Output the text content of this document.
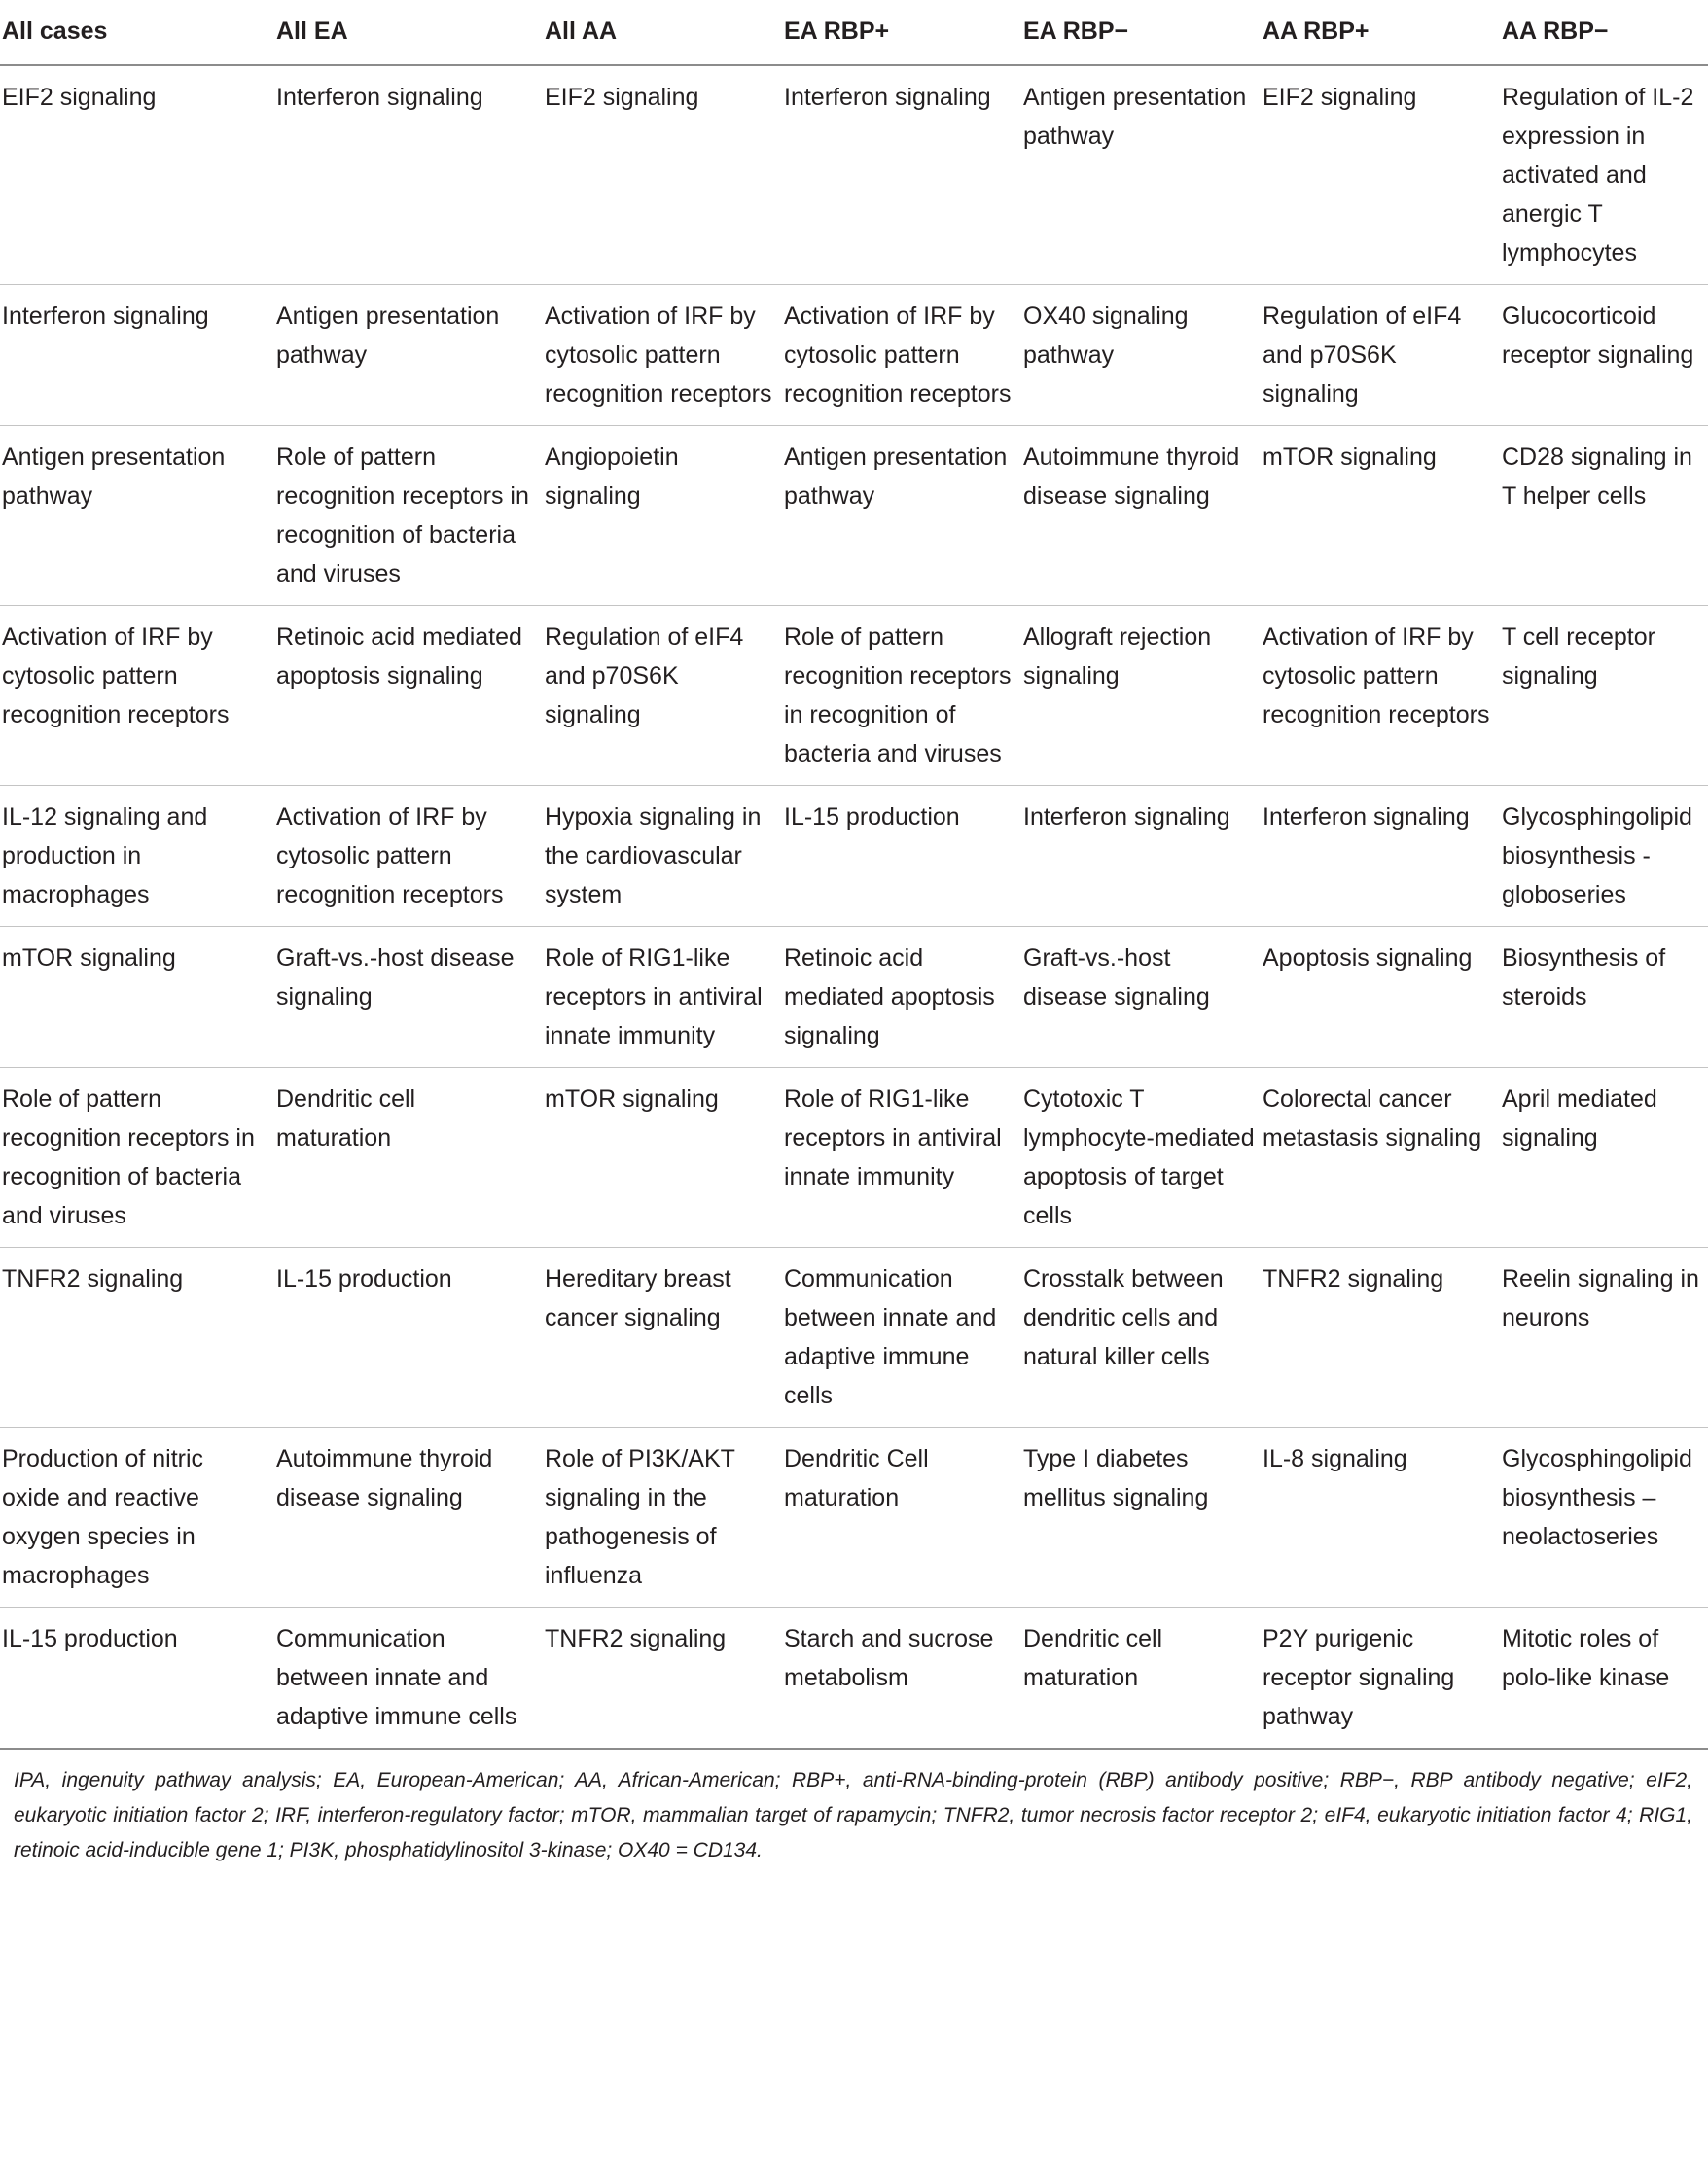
All cases	All EA	All AA	EA RBP+	EA RBP−	AA RBP+	AA RBP−
EIF2 signaling	Interferon signaling	EIF2 signaling	Interferon signaling	Antigen presentation pathway	EIF2 signaling	Regulation of IL-2 expression in activated and anergic T lymphocytes
Interferon signaling	Antigen presentation pathway	Activation of IRF by cytosolic pattern recognition receptors	Activation of IRF by cytosolic pattern recognition receptors	OX40 signaling pathway	Regulation of eIF4 and p70S6K signaling	Glucocorticoid receptor signaling
Antigen presentation pathway	Role of pattern recognition receptors in recognition of bacteria and viruses	Angiopoietin signaling	Antigen presentation pathway	Autoimmune thyroid disease signaling	mTOR signaling	CD28 signaling in T helper cells
Activation of IRF by cytosolic pattern recognition receptors	Retinoic acid mediated apoptosis signaling	Regulation of eIF4 and p70S6K signaling	Role of pattern recognition receptors in recognition of bacteria and viruses	Allograft rejection signaling	Activation of IRF by cytosolic pattern recognition receptors	T cell receptor signaling
IL-12 signaling and production in macrophages	Activation of IRF by cytosolic pattern recognition receptors	Hypoxia signaling in the cardiovascular system	IL-15 production	Interferon signaling	Interferon signaling	Glycosphingolipid biosynthesis - globoseries
mTOR signaling	Graft-vs.-host disease signaling	Role of RIG1-like receptors in antiviral innate immunity	Retinoic acid mediated apoptosis signaling	Graft-vs.-host disease signaling	Apoptosis signaling	Biosynthesis of steroids
Role of pattern recognition receptors in recognition of bacteria and viruses	Dendritic cell maturation	mTOR signaling	Role of RIG1-like receptors in antiviral innate immunity	Cytotoxic T lymphocyte-mediated apoptosis of target cells	Colorectal cancer metastasis signaling	April mediated signaling
TNFR2 signaling	IL-15 production	Hereditary breast cancer signaling	Communication between innate and adaptive immune cells	Crosstalk between dendritic cells and natural killer cells	TNFR2 signaling	Reelin signaling in neurons
Production of nitric oxide and reactive oxygen species in macrophages	Autoimmune thyroid disease signaling	Role of PI3K/AKT signaling in the pathogenesis of influenza	Dendritic Cell maturation	Type I diabetes mellitus signaling	IL-8 signaling	Glycosphingolipid biosynthesis – neolactoseries
IL-15 production	Communication between innate and adaptive immune cells	TNFR2 signaling	Starch and sucrose metabolism	Dendritic cell maturation	P2Y purigenic receptor signaling pathway	Mitotic roles of polo-like kinase
IPA, ingenuity pathway analysis; EA, European-American; AA, African-American; RBP+, anti-RNA-binding-protein (RBP) antibody positive; RBP−, RBP antibody negative; eIF2, eukaryotic initiation factor 2; IRF, interferon-regulatory factor; mTOR, mammalian target of rapamycin; TNFR2, tumor necrosis factor receptor 2; eIF4, eukaryotic initiation factor 4; RIG1, retinoic acid-inducible gene 1; PI3K, phosphatidylinositol 3-kinase; OX40 = CD134.
